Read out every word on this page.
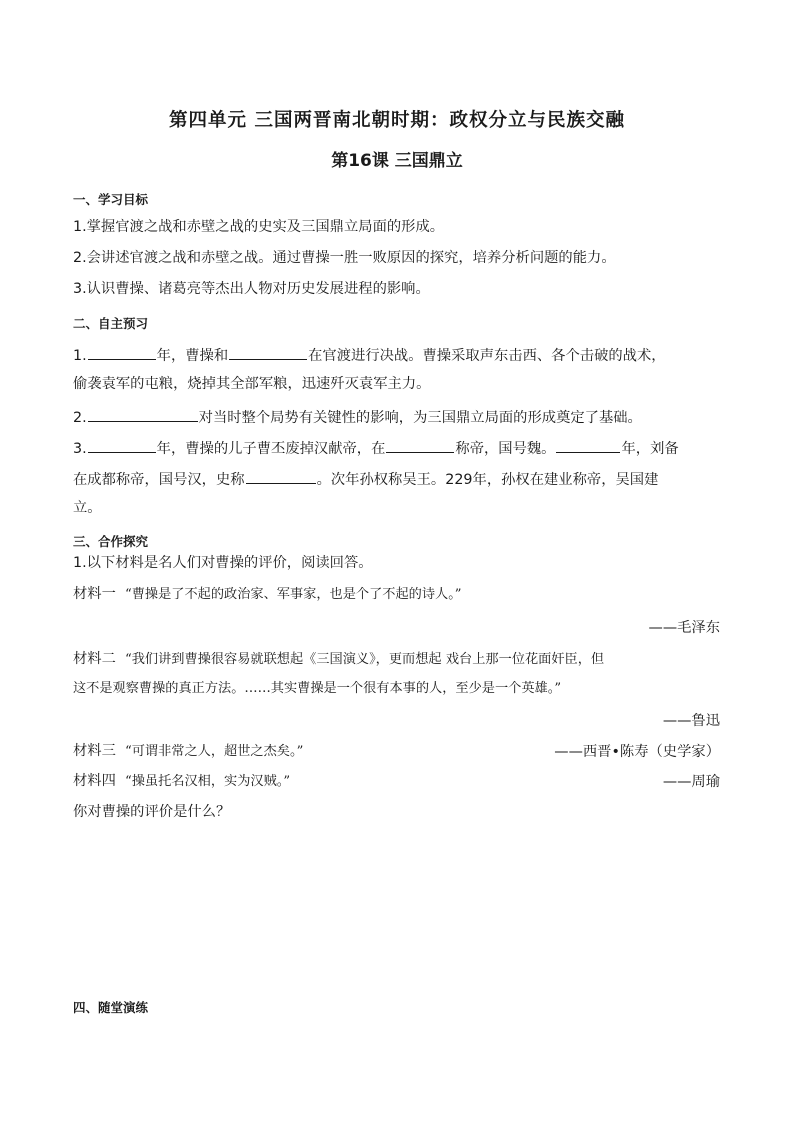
第四单元 三国两晋南北朝时期：政权分立与民族交融
第16课 三国鼎立
一、学习目标
1.掌握官渡之战和赤壁之战的史实及三国鼎立局面的形成。
2.会讲述官渡之战和赤壁之战。通过曹操一胜一败原因的探究，培养分析问题的能力。
3.认识曹操、诸葛亮等杰出人物对历史发展进程的影响。
二、自主预习
1.	年，曹操和	在官渡进行决战。曹操采取声东击西、各个击破的战术，
偷袭袁军的屯粮，烧掉其全部军粮，迅速歼灭袁军主力。
2.	对当时整个局势有关键性的影响，为三国鼎立局面的形成奠定了基础。
3.	年，曹操的儿子曹丕废掉汉献帝，在	称帝，国号魏。	年，刘备
在成都称帝，国号汉，史称	。次年孙权称吴王。229年，孙权在建业称帝，吴国建
立。
三、合作探究
1.以下材料是名人们对曹操的评价，阅读回答。
材料一 “曹操是了不起的政治家、军事家，也是个了不起的诗人。”
——毛泽东
材料二 “我们讲到曹操很容易就联想起《三国演义》，更而想起 戏台上那一位花面奸臣，但
这不是观察曹操的真正方法。……其实曹操是一个很有本事的人，至少是一个英雄。”
——鲁迅
材料三 “可谓非常之人，超世之杰矣。”	——西晋•陈寿（史学家）
材料四 “操虽托名汉相，实为汉贼。”	——周瑜
你对曹操的评价是什么？
四、随堂演练
